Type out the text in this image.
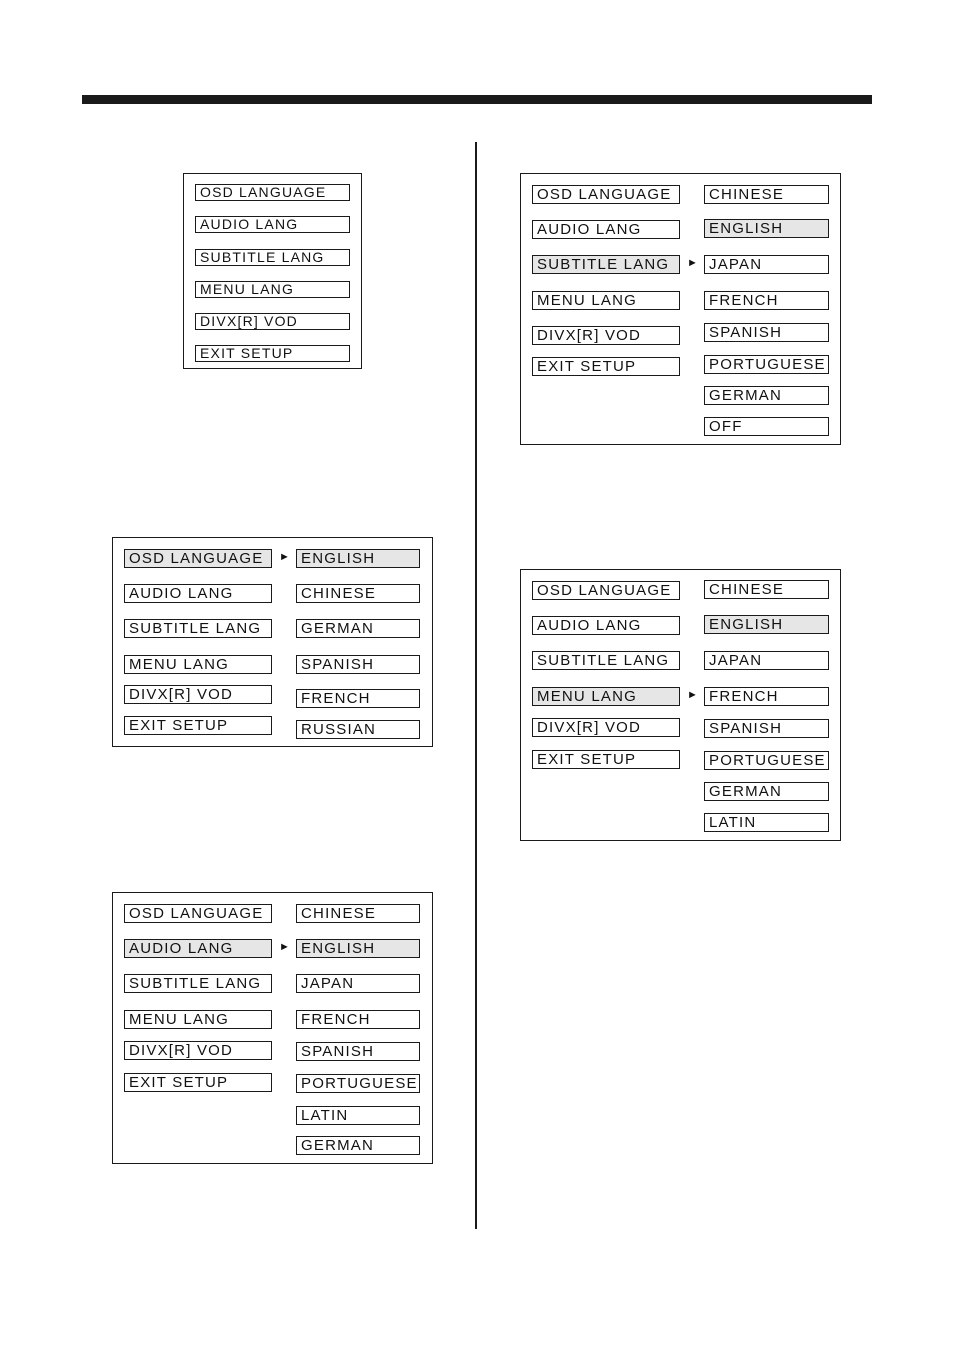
OSD LANGUAGE
AUDIO LANG
SUBTITLE LANG
MENU LANG
DIVX[R] VOD
EXIT SETUP
OSD LANGUAGE
AUDIO LANG
SUBTITLE LANG
MENU LANG
DIVX[R] VOD
EXIT SETUP
► ENGLISH
CHINESE
GERMAN
SPANISH
FRENCH
RUSSIAN
OSD LANGUAGE
AUDIO LANG
SUBTITLE LANG
MENU LANG
DIVX[R] VOD
EXIT SETUP
►
CHINESE
ENGLISH
JAPAN
FRENCH
SPANISH
PORTUGUESE
LATIN
GERMAN
OSD LANGUAGE
AUDIO LANG
SUBTITLE LANG
MENU LANG
DIVX[R] VOD
EXIT SETUP
►
CHINESE
ENGLISH
JAPAN
FRENCH
SPANISH
PORTUGUESE
GERMAN
OFF
OSD LANGUAGE
AUDIO LANG
SUBTITLE LANG
MENU LANG
DIVX[R] VOD
EXIT SETUP
►
CHINESE
ENGLISH
JAPAN
FRENCH
SPANISH
PORTUGUESE
GERMAN
LATIN
